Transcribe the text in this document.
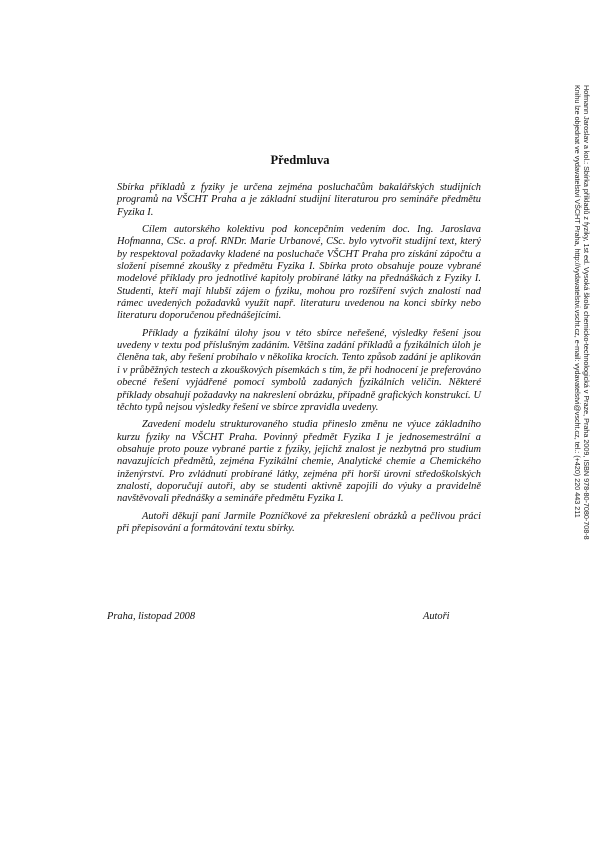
Hofmann Jaroslav a kol.: Sbírka příkladů z fyziky, 1st ed. Vysoká škola chemicko-technologická v Praze, Praha 2009, ISBN 978-80-7080-708-8
Knihu lze objednat ve vydavatelství VŠCHT Praha, http://vydavatelstvi.vscht.cz, e-mail: vydavatelstvi@vscht.cz, tel.: (+420) 220 443 211
Předmluva

Sbírka příkladů z fyziky je určena zejména posluchačům bakalářských studijních programů na VŠCHT Praha a je základní studijní literaturou pro semináře předmětu Fyzika I.

Cílem autorského kolektivu pod koncepčním vedením doc. Ing. Jaroslava Hofmanna, CSc. a prof. RNDr. Marie Urbanové, CSc. bylo vytvořit studijní text, který by respektoval požadavky kladené na posluchače VŠCHT Praha pro získání zápočtu a složení písemné zkoušky z předmětu Fyzika I. Sbírka proto obsahuje pouze vybrané modelové příklady pro jednotlivé kapitoly probírané látky na přednáškách z Fyziky I. Studenti, kteří mají hlubší zájem o fyziku, mohou pro rozšíření svých znalostí nad rámec uvedených požadavků využít např. literaturu uvedenou na konci sbírky nebo literaturu doporučenou přednášejícími.

Příklady a fyzikální úlohy jsou v této sbírce neřešené, výsledky řešení jsou uvedeny v textu pod příslušným zadáním. Většina zadání příkladů a fyzikálních úloh je členěna tak, aby řešení probíhalo v několika krocích. Tento způsob zadání je aplikován i v průběžných testech a zkouškových písemkách s tím, že při hodnocení je preferováno obecné řešení vyjádřené pomocí symbolů zadaných fyzikálních veličin. Některé příklady obsahují požadavky na nakreslení obrázku, případně grafických konstrukcí. U těchto typů nejsou výsledky řešení ve sbírce zpravidla uvedeny.

Zavedení modelu strukturovaného studia přineslo změnu ne výuce základního kurzu fyziky na VŠCHT Praha. Povinný předmět Fyzika I je jednosemestrální a obsahuje proto pouze vybrané partie z fyziky, jejichž znalost je nezbytná pro studium navazujících předmětů, zejména Fyzikální chemie, Analytické chemie a Chemického inženýrství. Pro zvládnutí probírané látky, zejména při horší úrovni středoškolských znalostí, doporučují autoři, aby se studenti aktivně zapojili do výuky a pravidelně navštěvovali přednášky a semináře předmětu Fyzika I.

Autoři děkují paní Jarmile Pozníčkové za překreslení obrázků a pečlivou práci při přepisování a formátování textu sbírky.

Praha, listopad 2008	Autoři
